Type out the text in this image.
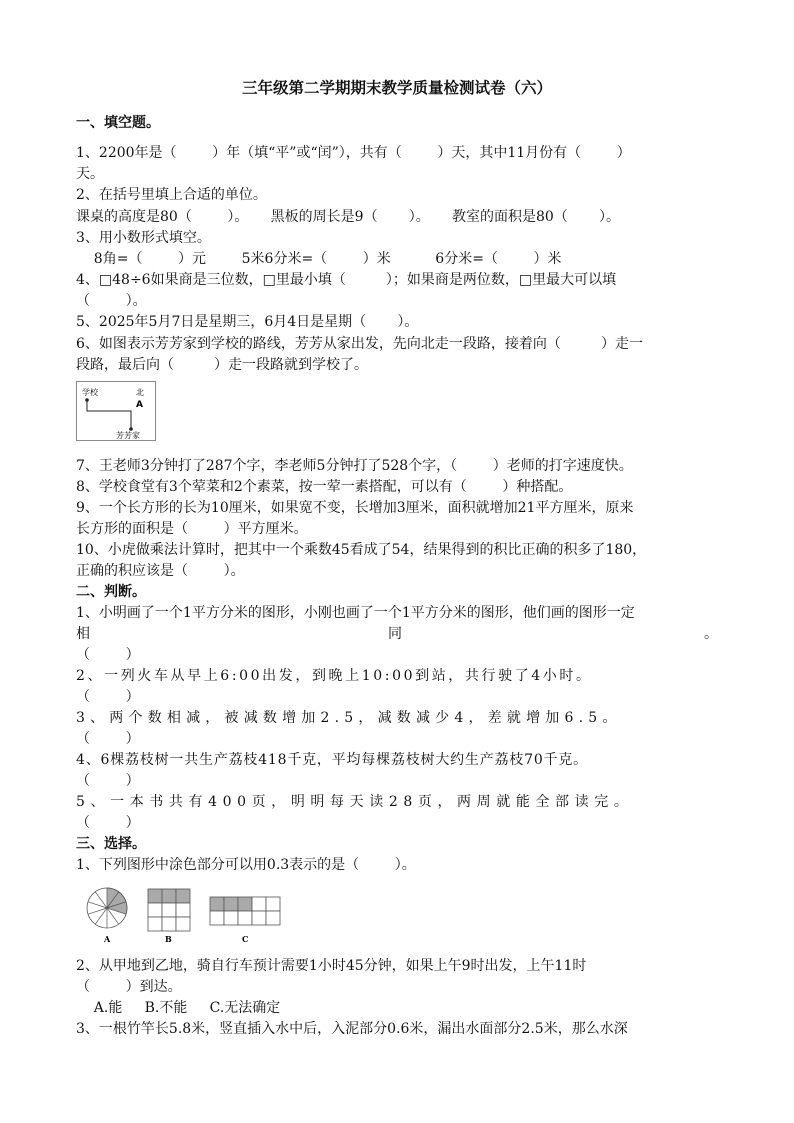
三年级第二学期期末教学质量检测试卷（六）
一、填空题。
1、2200年是（        ）年（填“平”或“闰”），共有（        ）天，其中11月份有（        ）
天。
2、在括号里填上合适的单位。
课桌的高度是80（        ）。     黑板的周长是9（       ）。     教室的面积是80（       ）。
3、用小数形式填空。
8角=（        ）元        5米6分米=（        ）米          6分米=（        ）米
4、□48÷6如果商是三位数，□里最小填（         ）；如果商是两位数，□里最大可以填
（        ）。
5、2025年5月7日是星期三，6月4日是星期（       ）。
6、如图表示芳芳家到学校的路线，芳芳从家出发，先向北走一段路，接着向（         ）走一
段路，最后向（         ）走一段路就到学校了。
学校	北
A
芳芳家
7、王老师3分钟打了287个字，李老师5分钟打了528个字，（        ）老师的打字速度快。
8、学校食堂有3个荤菜和2个素菜，按一荤一素搭配，可以有（        ）种搭配。
9、一个长方形的长为10厘米，如果宽不变，长增加3厘米，面积就增加21平方厘米，原来
长方形的面积是（        ）平方厘米。
10、小虎做乘法计算时，把其中一个乘数45看成了54，结果得到的积比正确的积多了180，
正确的积应该是（        ）。
二、判断。
1、小明画了一个1平方分米的图形，小刚也画了一个1平方分米的图形，他们画的图形一定
相	同	。
（        ）
2、一列火车从早上6:00出发，到晚上10:00到站，共行驶了4小时。
（        ）
3、两个数相减，被减数增加2.5，减数减少4，差就增加6.5。
（        ）
4、6棵荔枝树一共生产荔枝418千克，平均每棵荔枝树大约生产荔枝70千克。
（        ）
5、一本书共有400页，明明每天读28页，两周就能全部读完。
（        ）
三、选择。
1、下列图形中涂色部分可以用0.3表示的是（        ）。
A	B	C
2、从甲地到乙地，骑自行车预计需要1小时45分钟，如果上午9时出发，上午11时
（        ）到达。
A.能     B.不能     C.无法确定
3、一根竹竿长5.8米，竖直插入水中后，入泥部分0.6米，漏出水面部分2.5米，那么水深
